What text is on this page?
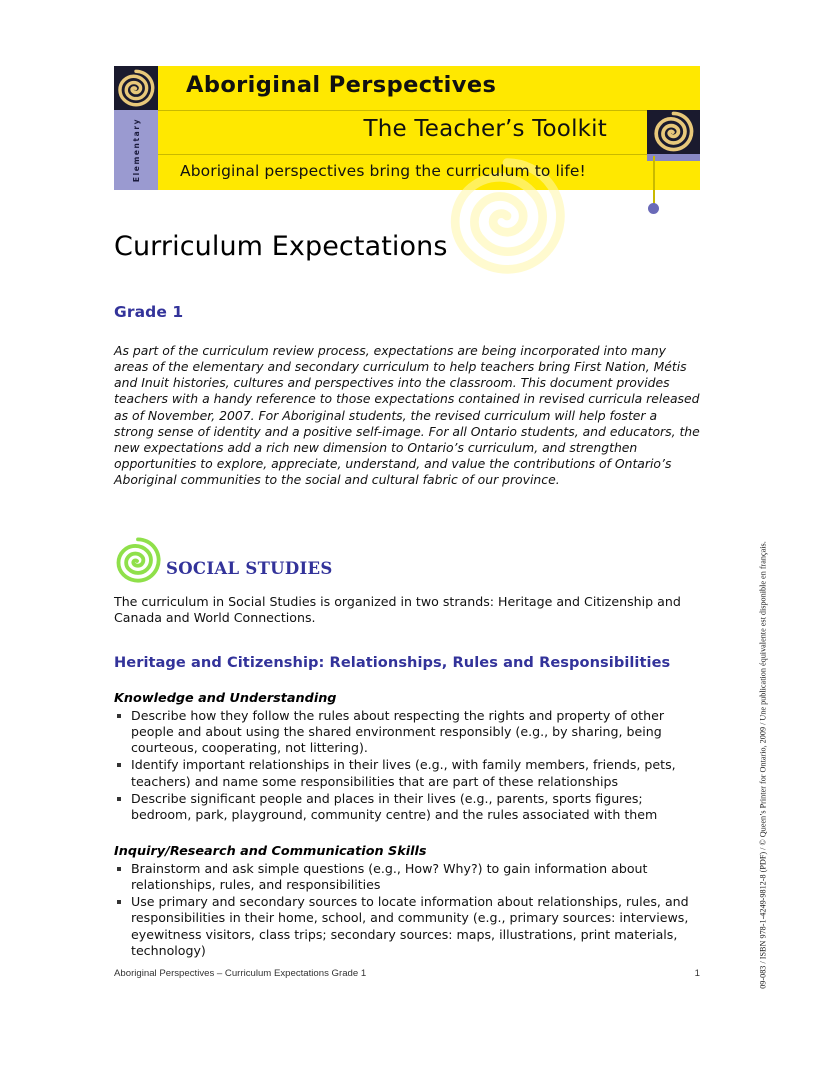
Elementary
Aboriginal Perspectives
The Teacher’s Toolkit
Aboriginal perspectives bring the curriculum to life!
Curriculum Expectations
Grade 1

As part of the curriculum review process, expectations are being incorporated into many areas of the elementary and secondary curriculum to help teachers bring First Nation, Métis and Inuit histories, cultures and perspectives into the classroom. This document provides teachers with a handy reference to those expectations contained in revised curricula released as of November, 2007. For Aboriginal students, the revised curriculum will help foster a strong sense of identity and a positive self-image. For all Ontario students, and educators, the new expectations add a rich new dimension to Ontario’s curriculum, and strengthen opportunities to explore, appreciate, understand, and value the contributions of Ontario’s Aboriginal communities to the social and cultural fabric of our province.

SOCIAL STUDIES

The curriculum in Social Studies is organized in two strands: Heritage and Citizenship and Canada and World Connections.

Heritage and Citizenship: Relationships, Rules and Responsibilities
Knowledge and Understanding
Describe how they follow the rules about respecting the rights and property of other people and about using the shared environment responsibly (e.g., by sharing, being courteous, cooperating, not littering).
Identify important relationships in their lives (e.g., with family members, friends, pets, teachers) and name some responsibilities that are part of these relationships
Describe significant people and places in their lives (e.g., parents, sports figures; bedroom, park, playground, community centre) and the rules associated with them
Inquiry/Research and Communication Skills
Brainstorm and ask simple questions (e.g., How? Why?) to gain information about relationships, rules, and responsibilities
Use primary and secondary sources to locate information about relationships, rules, and responsibilities in their home, school, and community (e.g., primary sources: interviews, eyewitness visitors, class trips; secondary sources: maps, illustrations, print materials, technology)
Aboriginal Perspectives – Curriculum Expectations Grade 1	1	09-083 / ISBN 978-1-4249-9812-8 (PDF) / © Queen’s Printer for Ontario, 2009 / Une publication équivalente est disponible en français.
